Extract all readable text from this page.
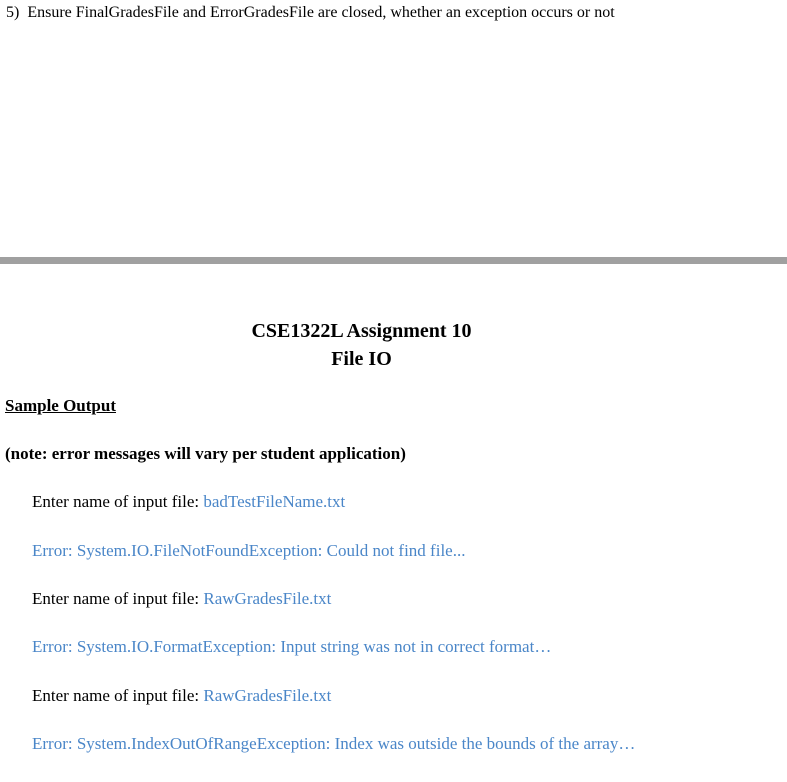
5) Ensure FinalGradesFile and ErrorGradesFile are closed, whether an exception occurs or not
CSE1322L Assignment 10
File IO
Sample Output
(note: error messages will vary per student application)
Enter name of input file: badTestFileName.txt
Error: System.IO.FileNotFoundException: Could not find file...
Enter name of input file: RawGradesFile.txt
Error: System.IO.FormatException: Input string was not in correct format…
Enter name of input file: RawGradesFile.txt
Error: System.IndexOutOfRangeException: Index was outside the bounds of the array…
